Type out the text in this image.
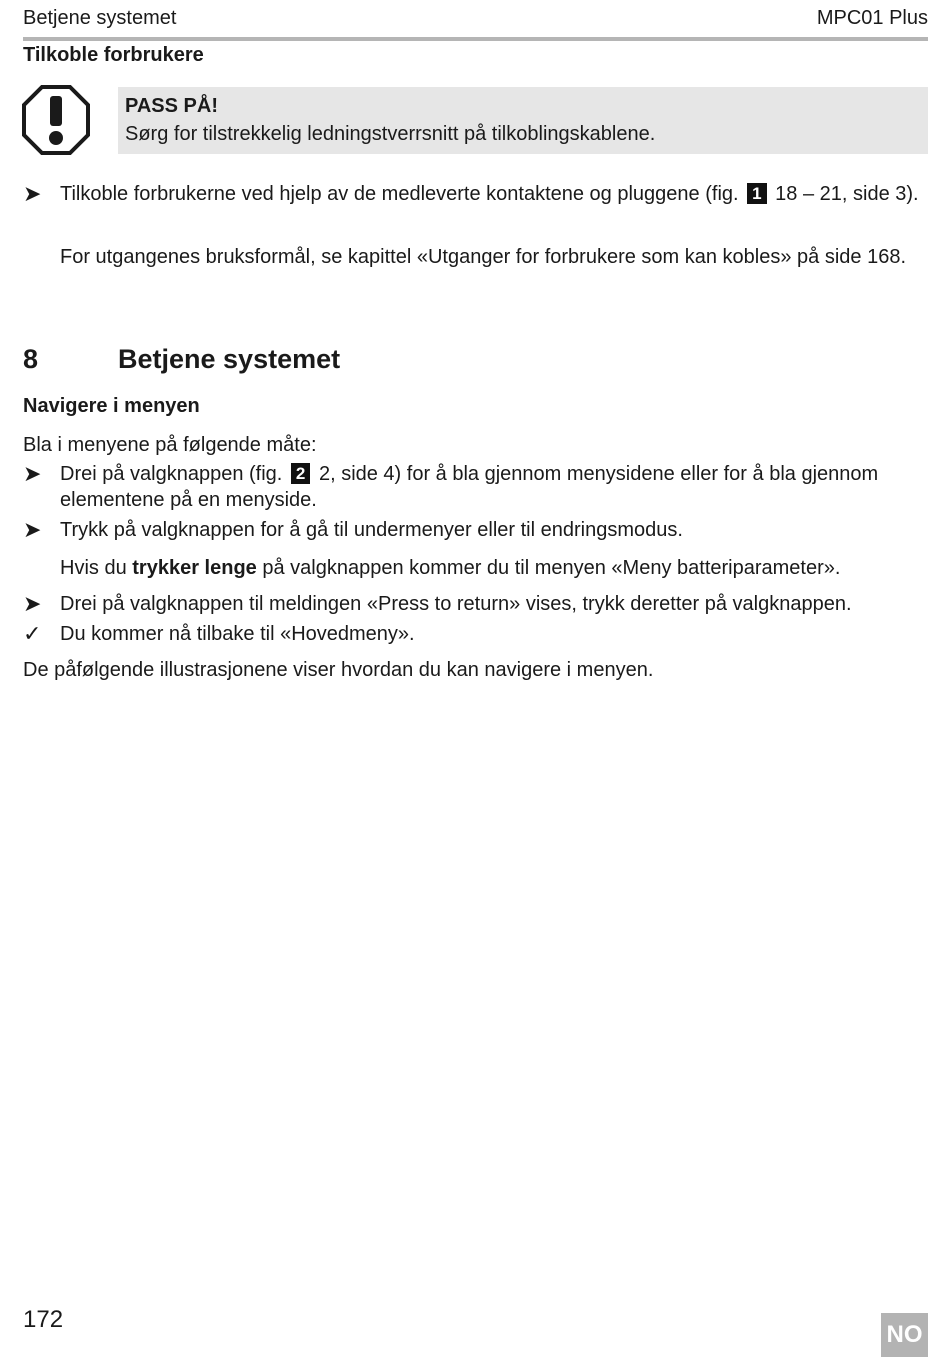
Betjene systemet	MPC01 Plus
Tilkoble forbrukere
PASS PÅ!
Sørg for tilstrekkelig ledningstverrsnitt på tilkoblingskablene.
➤ Tilkoble forbrukerne ved hjelp av de medleverte kontaktene og pluggene (fig. 1 18 – 21, side 3).
For utgangenes bruksformål, se kapittel «Utganger for forbrukere som kan kobles» på side 168.
8	Betjene systemet
Navigere i menyen
Bla i menyene på følgende måte:
➤ Drei på valgknappen (fig. 2 2, side 4) for å bla gjennom menysidene eller for å bla gjennom elementene på en menyside.
➤ Trykk på valgknappen for å gå til undermenyer eller til endringsmodus.
Hvis du trykker lenge på valgknappen kommer du til menyen «Meny batteriparameter».
➤ Drei på valgknappen til meldingen «Press to return» vises, trykk deretter på valgknappen.
✓ Du kommer nå tilbake til «Hovedmeny».
De påfølgende illustrasjonene viser hvordan du kan navigere i menyen.
172
NO
